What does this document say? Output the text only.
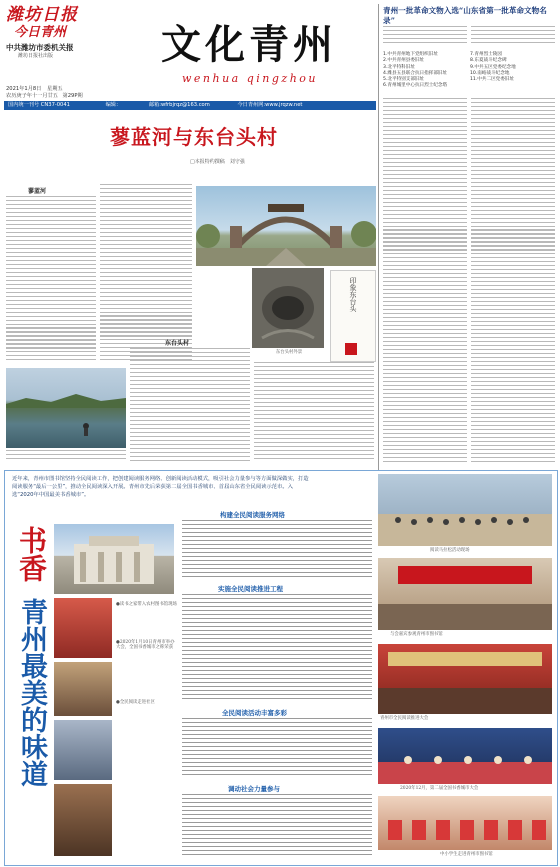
潍坊日报
今日青州
中共潍坊市委机关报
潍坊日报社出版
2021年1月8日 星期五
农历庚子年十一月廿五 第29P期
文化青州
wenhua qingzhou
国内统一刊号 CN37-0041	编辑：	邮箱:wfrbjrqz@163.com	今日青州网:www.jrqzw.net
青州一批革命文物入选“山东省第一批革命文物名录”
1.中共青州地下党组织旧址
2.中共青州县委旧址
3.北平特科旧址
4.潍县五县联合抗日指挥部旧址
5.北平特别支部旧址
6.青州城里中心抗日烈士纪念塔
7.青州烈士陵园
8.东夏战斗纪念碑
9.中共五区党委纪念地
10.南峪战斗纪念地
11.中共二区党委旧址
蓼蓝河与东台头村
□本报特约撰稿　刘守强
蓼蓝河
东台头村外景
印象东台头
东台头村
近年来，青州市图书馆坚持全民阅读工作，把创建阅读服务网络、创新阅读活动模式，吸引社会力量参与等方面做深做实，打造阅读服务“最后一公里”，推动全民阅读深入开展。青州市先后荣获第二届全国书香城市、首届山东省全民阅读示范市。入选“2020年中国最美书香城市”。
书香
青州最美的味道	●读书之家带入农村图书馆现场
●2020年1月10日青州市举办大会，全国书香城市之称荣获
●全民阅读走进社区
构建全民阅读服务网络
实施全民阅读推进工程
全民阅读活动丰富多彩
调动社会力量参与
阅读马拉松活动现场
与会嘉宾参观青州市图书馆
青州市全民阅读推进大会
2020年12月，第二届全国书香城市大会
中小学生走进青州市图书馆
